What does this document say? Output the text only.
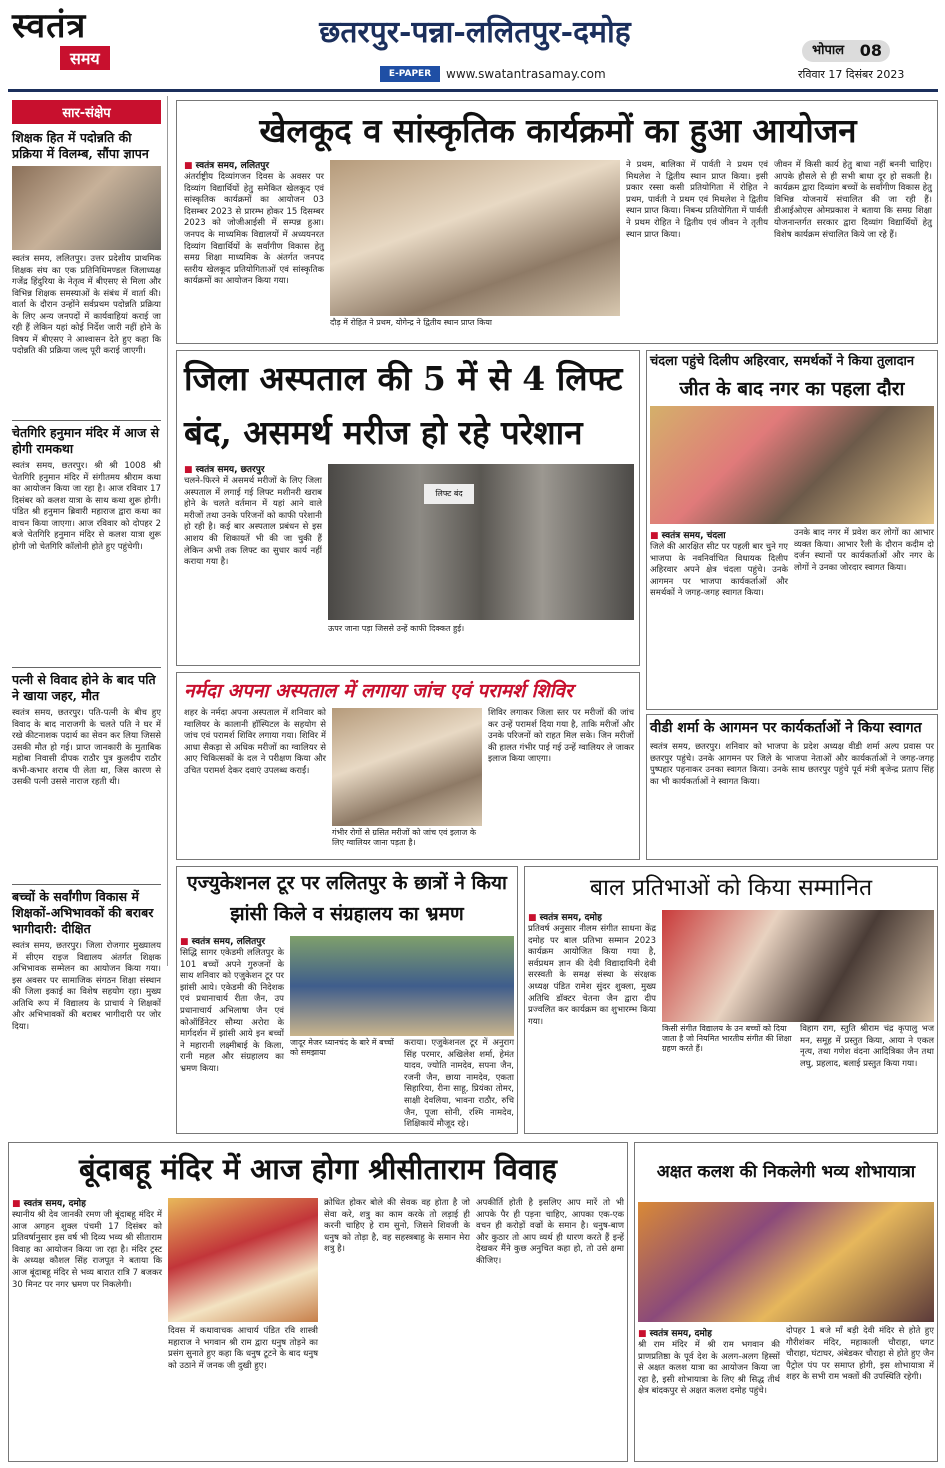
स्वतंत्र
समय
छतरपुर-पन्ना-ललितपुर-दमोह
E-PAPER	www.swatantrasamay.com
भोपाल 08
रविवार 17 दिसंबर 2023
सार-संक्षेप
शिक्षक हित में पदोन्नति की प्रक्रिया में विलम्ब, सौंपा ज्ञापन
स्वतंत्र समय, ललितपुर। उत्तर प्रदेशीय प्राथमिक शिक्षक संघ का एक प्रतिनिधिमण्डल जिलाध्यक्ष गजेंद्र हिंदुरिया के नेतृत्व में बीएसए से मिला और विभिन्न शिक्षक समस्याओं के संबंध में वार्ता की। वार्ता के दौरान उन्होंने सर्वप्रथम पदोन्नति प्रक्रिया के लिए अन्य जनपदों में कार्यवाहियां कराई जा रही हैं लेकिन यहां कोई निर्देश जारी नहीं होने के विषय में बीएसए ने आश्वासन देते हुए कहा कि पदोन्नति की प्रक्रिया जल्द पूरी कराई जाएगी।
चेतगिरि हनुमान मंदिर में आज से होगी रामकथा
स्वतंत्र समय, छतरपुर। श्री श्री 1008 श्री चेतगिरि हनुमान मंदिर में संगीतमय श्रीराम कथा का आयोजन किया जा रहा है। आज रविवार 17 दिसंबर को कलश यात्रा के साथ कथा शुरू होगी। पंडित श्री हनुमान ब्रिवारी महाराज द्वारा कथा का वाचन किया जाएगा। आज रविवार को दोपहर 2 बजे चेतगिरि हनुमान मंदिर से कलश यात्रा शुरू होगी जो चेतगिरि कॉलोनी होते हुए पहुंचेगी।
पत्नी से विवाद होने के बाद पति ने खाया जहर, मौत
स्वतंत्र समय, छतरपुर। पति-पत्नी के बीच हुए विवाद के बाद नाराजगी के चलते पति ने घर में रखे कीटनाशक पदार्थ का सेवन कर लिया जिससे उसकी मौत हो गई। प्राप्त जानकारी के मुताबिक महोबा निवासी दीपक राठौर पुत्र कुलदीप राठौर कभी-कभार शराब पी लेता था, जिस कारण से उसकी पत्नी उससे नाराज रहती थी।
बच्चों के सर्वांगीण विकास में शिक्षकों-अभिभावकों की बराबर भागीदारी: दीक्षित
स्वतंत्र समय, छतरपुर। जिला रोजगार मुख्यालय में सीएम राइज विद्यालय अंतर्गत शिक्षक अभिभावक सम्मेलन का आयोजन किया गया। इस अवसर पर सामाजिक संगठन शिक्षा संस्थान की जिला इकाई का विशेष सहयोग रहा। मुख्य अतिथि रूप में विद्यालय के प्राचार्य ने शिक्षकों और अभिभावकों की बराबर भागीदारी पर जोर दिया।
खेलकूद व सांस्कृतिक कार्यक्रमों का हुआ आयोजन
■ स्वतंत्र समय, ललितपुर
अंतर्राष्ट्रीय दिव्यांगजन दिवस के अवसर पर दिव्यांग विद्यार्थियों हेतु समेकित खेलकूद एवं सांस्कृतिक कार्यक्रमों का आयोजन 03 दिसम्बर 2023 से प्रारम्भ होकर 15 दिसम्बर 2023 को जोजीआईसी में सम्पन्न हुआ। जनपद के माध्यमिक विद्यालयों में अध्ययनरत दिव्यांग विद्यार्थियों के सर्वांगीण विकास हेतु समग्र शिक्षा माध्यमिक के अंतर्गत जनपद स्तरीय खेलकूद प्रतियोगिताओं एवं सांस्कृतिक कार्यक्रमों का आयोजन किया गया।
दौड़ में रोहित ने प्रथम, योगेन्द्र ने द्वितीय स्थान प्राप्त किया
ने प्रथम, बालिका में पार्वती ने प्रथम एवं मिथलेश ने द्वितीय स्थान प्राप्त किया। इसी प्रकार रस्सा कसी प्रतियोगिता में रोहित ने प्रथम, पार्वती ने प्रथम एवं मिथलेश ने द्वितीय स्थान प्राप्त किया। निबन्ध प्रतियोगिता में पार्वती ने प्रथम रोहित ने द्वितीय एवं जीवन ने तृतीय स्थान प्राप्त किया।
जीवन में किसी कार्य हेतु बाधा नहीं बननी चाहिए। आपके हौसले से ही सभी बाधा दूर हो सकती है। कार्यक्रम द्वारा दिव्यांग बच्चों के सर्वांगीण विकास हेतु विभिन्न योजनायें संचालित की जा रही हैं। डीआईओएस ओमप्रकाश ने बताया कि समग्र शिक्षा योजनान्तर्गत सरकार द्वारा दिव्यांग विद्यार्थियों हेतु विशेष कार्यक्रम संचालित किये जा रहे हैं।
जिला अस्पताल की 5 में से 4 लिफ्ट बंद, असमर्थ मरीज हो रहे परेशान
■ स्वतंत्र समय, छतरपुर
चलने-फिरने में असमर्थ मरीजों के लिए जिला अस्पताल में लगाई गई लिफ्ट मशीनरी खराब होने के चलते वर्तमान में यहां आने वाले मरीजों तथा उनके परिजनों को काफी परेशानी हो रही है। कई बार अस्पताल प्रबंधन से इस आशय की शिकायतें भी की जा चुकी हैं लेकिन अभी तक लिफ्ट का सुधार कार्य नहीं कराया गया है।
लिफ्ट बंद
ऊपर जाना पड़ा जिससे उन्हें काफी दिक्कत हुई।
नर्मदा अपना अस्पताल में लगाया जांच एवं परामर्श शिविर
शहर के नर्मदा अपना अस्पताल में शनिवार को ग्वालियर के कालानी हॉस्पिटल के सहयोग से जांच एवं परामर्श शिविर लगाया गया। शिविर में आधा सैकड़ा से अधिक मरीजों का ग्वालियर से आए चिकित्सकों के दल ने परीक्षण किया और उचित परामर्श देकर दवाएं उपलब्ध कराईं।
गंभीर रोगों से ग्रसित मरीजों को जांच एवं इलाज के लिए ग्वालियर जाना पड़ता है।
शिविर लगाकर जिला स्तर पर मरीजों की जांच कर उन्हें परामर्श दिया गया है, ताकि मरीजों और उनके परिजनों को राहत मिल सके। जिन मरीजों की हालत गंभीर पाई गई उन्हें ग्वालियर ले जाकर इलाज किया जाएगा।
चंदला पहुंचे दिलीप अहिरवार, समर्थकों ने किया तुलादान
जीत के बाद नगर का पहला दौरा
■ स्वतंत्र समय, चंदला
जिले की आरक्षित सीट पर पहली बार चुने गए भाजपा के नवनिर्वाचित विधायक दिलीप अहिरवार अपने क्षेत्र चंदला पहुंचे। उनके आगमन पर भाजपा कार्यकर्ताओं और समर्थकों ने जगह-जगह स्वागत किया।
उनके बाद नगर में प्रवेश कर लोगों का आभार व्यक्त किया। आभार रैली के दौरान कदीम दो दर्जन स्थानों पर कार्यकर्ताओं और नगर के लोगों ने उनका जोरदार स्वागत किया।
वीडी शर्मा के आगमन पर कार्यकर्ताओं ने किया स्वागत
स्वतंत्र समय, छतरपुर। शनिवार को भाजपा के प्रदेश अध्यक्ष वीडी शर्मा अल्प प्रवास पर छतरपुर पहुंचे। उनके आगमन पर जिले के भाजपा नेताओं और कार्यकर्ताओं ने जगह-जगह पुष्पहार पहनाकर उनका स्वागत किया। उनके साथ छतरपुर पहुंचे पूर्व मंत्री बृजेन्द्र प्रताप सिंह का भी कार्यकर्ताओं ने स्वागत किया।
एज्युकेशनल टूर पर ललितपुर के छात्रों ने किया झांसी किले व संग्रहालय का भ्रमण
■ स्वतंत्र समय, ललितपुर
सिद्धि सागर एकेडमी ललितपुर के 101 बच्चों अपने गुरुजनों के साथ शनिवार को एजुकेशन टूर पर झांसी आये। एकेडमी की निदेशक एवं प्रधानाचार्य रीता जैन, उप प्रधानाचार्य अभिलाषा जैन एवं कोऑर्डिनेटर सौम्या अरोरा के मार्गदर्शन में झांसी आये इन बच्चों ने महारानी लक्ष्मीबाई के किला, रानी महल और संग्रहालय का भ्रमण किया।
जादूर मेजर ध्यानचंद के बारे में बच्चों को समझाया
कराया। एजुकेशनल टूर में अनुराग सिंह परमार, अखिलेश शर्मा, हेमंत यादव, ज्योति नामदेव, सपना जैन, रजनी जैन, छाया नामदेव, एकता सिहारिया, रीना साहू, प्रियंका तोमर, साक्षी देवलिया, भावना राठौर, रुचि जैन, पूजा सोनी, रश्मि नामदेव, शिक्षिकायें मौजूद रहे।
बाल प्रतिभाओं को किया सम्मानित
■ स्वतंत्र समय, दमोह
प्रतिवर्ष अनुसार नीलम संगीत साधना केंद्र दमोह पर बाल प्रतिभा सम्मान 2023 कार्यक्रम आयोजित किया गया है, सर्वप्रथम ज्ञान की देवी विद्यादायिनी देवी सरस्वती के समक्ष संस्था के संरक्षक अध्यक्ष पंडित रामेश सुंदर शुक्ला, मुख्य अतिथि डॉक्टर चेतना जैन द्वारा दीप प्रज्वलित कर कार्यक्रम का शुभारम्भ किया गया।
किसी संगीत विद्यालय के उन बच्चों को दिया जाता है जो नियमित भारतीय संगीत की शिक्षा ग्रहण करते हैं।
विहाग राग, स्तुति श्रीराम चंद्र कृपालु भज मन, समूह में प्रस्तुत किया, आया ने एकल नृत्य, तथा गणेश वंदना आदित्रिका जैन तथा लघु, प्रहलाद, बलाई प्रस्तुत किया गया।
बूंदाबहू मंदिर में आज होगा श्रीसीताराम विवाह
■ स्वतंत्र समय, दमोह
स्थानीय श्री देव जानकी रमण जी बूंदाबहू मंदिर में आज अगहन शुक्ल पंचमी 17 दिसंबर को प्रतिवर्षानुसार इस वर्ष भी दिव्य भव्य श्री सीताराम विवाह का आयोजन किया जा रहा है। मंदिर ट्रस्ट के अध्यक्ष कौशल सिंह राजपूत ने बताया कि आज बूंदाबहू मंदिर से भव्य बारात रात्रि 7 बजकर 30 मिनट पर नगर भ्रमण पर निकलेगी।
दिवस में कथावाचक आचार्य पंडित रवि शास्त्री महाराज ने भगवान श्री राम द्वारा धनुष तोड़ने का प्रसंग सुनाते हुए कहा कि धनुष टूटने के बाद धनुष को उठाने में जनक जी दुखी हुए।
क्रोधित होकर बोले की सेवक वह होता है जो सेवा करे, शत्रु का काम करके तो लड़ाई ही करनी चाहिए हे राम सुनो, जिसने शिवजी के धनुष को तोड़ा है, वह सहस्त्रबाहु के समान मेरा शत्रु है।
अपकीर्ति होती है इसलिए आप मारें तो भी आपके पैर ही पड़ना चाहिए, आपका एक-एक वचन ही करोड़ों वज्रों के समान है। धनुष-बाण और कुठार तो आप व्यर्थ ही धारण करते हैं इन्हें देखकर मैंने कुछ अनुचित कहा हो, तो उसे क्षमा कीजिए।
अक्षत कलश की निकलेगी भव्य शोभायात्रा
■ स्वतंत्र समय, दमोह
श्री राम मंदिर में श्री राम भगवान की प्राणप्रतिष्ठा के पूर्व देश के अलग-अलग हिस्सों से अक्षत कलश यात्रा का आयोजन किया जा रहा है, इसी शोभायात्रा के लिए श्री सिद्ध तीर्थ क्षेत्र बांदकपुर से अक्षत कलश दमोह पहुंचे।
दोपहर 1 बजे माँ बड़ी देवी मंदिर से होते हुए गौरीशंकर मंदिर, महाकाली चौराहा, धगट चौराहा, घंटाघर, अंबेडकर चौराहा से होते हुए जैन पैट्रोल पंप पर समाप्त होगी, इस शोभायात्रा में शहर के सभी राम भक्तों की उपस्थिति रहेगी।
